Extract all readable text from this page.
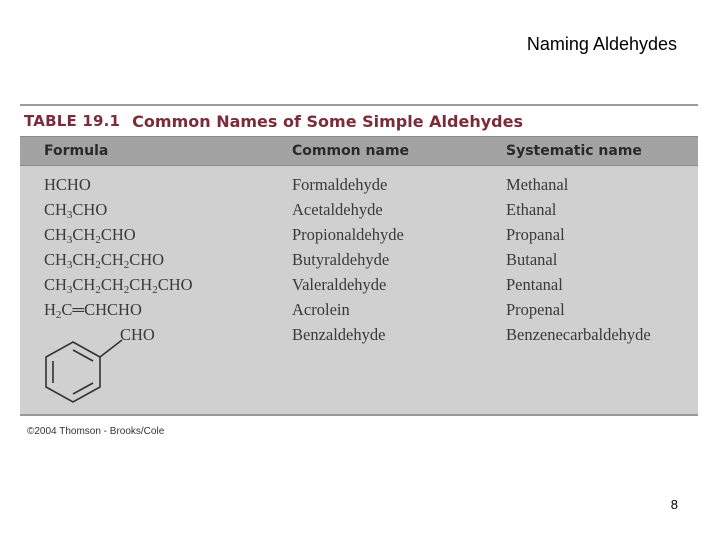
Naming Aldehydes
TABLE 19.1 Common Names of Some Simple Aldehydes
Formula	Common name	Systematic name
HCHO	Formaldehyde	Methanal
$CH_3CHO$	Acetaldehyde	Ethanal
$CH_3CH_2CHO$	Propionaldehyde	Propanal
$CH_3CH_2CH_2CHO$	Butyraldehyde	Butanal
$CH_3CH_2CH_2CH_2CHO$	Valeraldehyde	Pentanal
$H_2C═CHCHO$	Acrolein	Propenal
CHO	Benzaldehyde	Benzenecarbaldehyde
©2004 Thomson - Brooks/Cole
8
